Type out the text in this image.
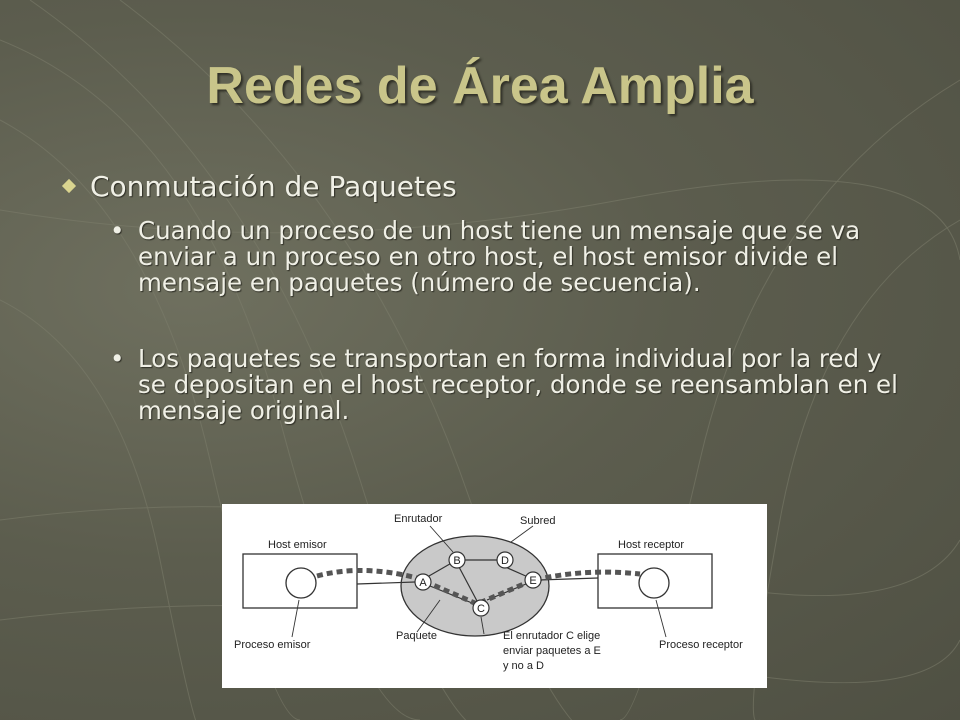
Redes de Área Amplia
Conmutación de Paquetes
• Cuando un proceso de un host tiene un mensaje que se va enviar a un proceso en otro host, el host emisor divide el mensaje en paquetes (número de secuencia).
• Los paquetes se transportan en forma individual por la red y se depositan en el host receptor, donde se reensamblan en el mensaje original.
A
B
C
D
E
Host emisor	Host receptor
Enrutador	Subred
Paquete
Proceso emisor	Proceso receptor
El enrutador C elige
enviar paquetes a E
y no a D
